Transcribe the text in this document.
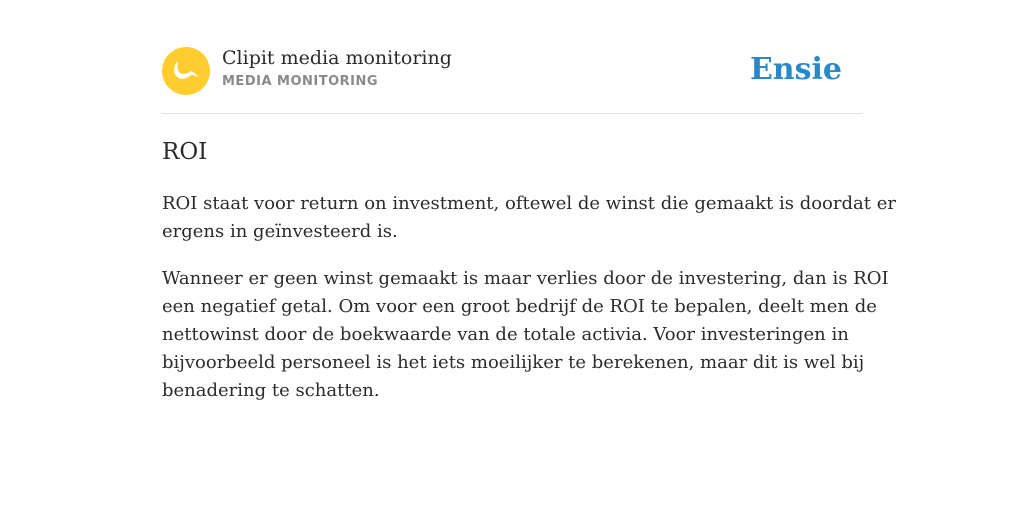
Clipit media monitoring
MEDIA MONITORING	Ensie
ROI

ROI staat voor return on investment, oftewel de winst die gemaakt is doordat er
ergens in geïnvesteerd is.

Wanneer er geen winst gemaakt is maar verlies door de investering, dan is ROI
een negatief getal. Om voor een groot bedrijf de ROI te bepalen, deelt men de
nettowinst door de boekwaarde van de totale activia. Voor investeringen in
bijvoorbeeld personeel is het iets moeilijker te berekenen, maar dit is wel bij
benadering te schatten.
